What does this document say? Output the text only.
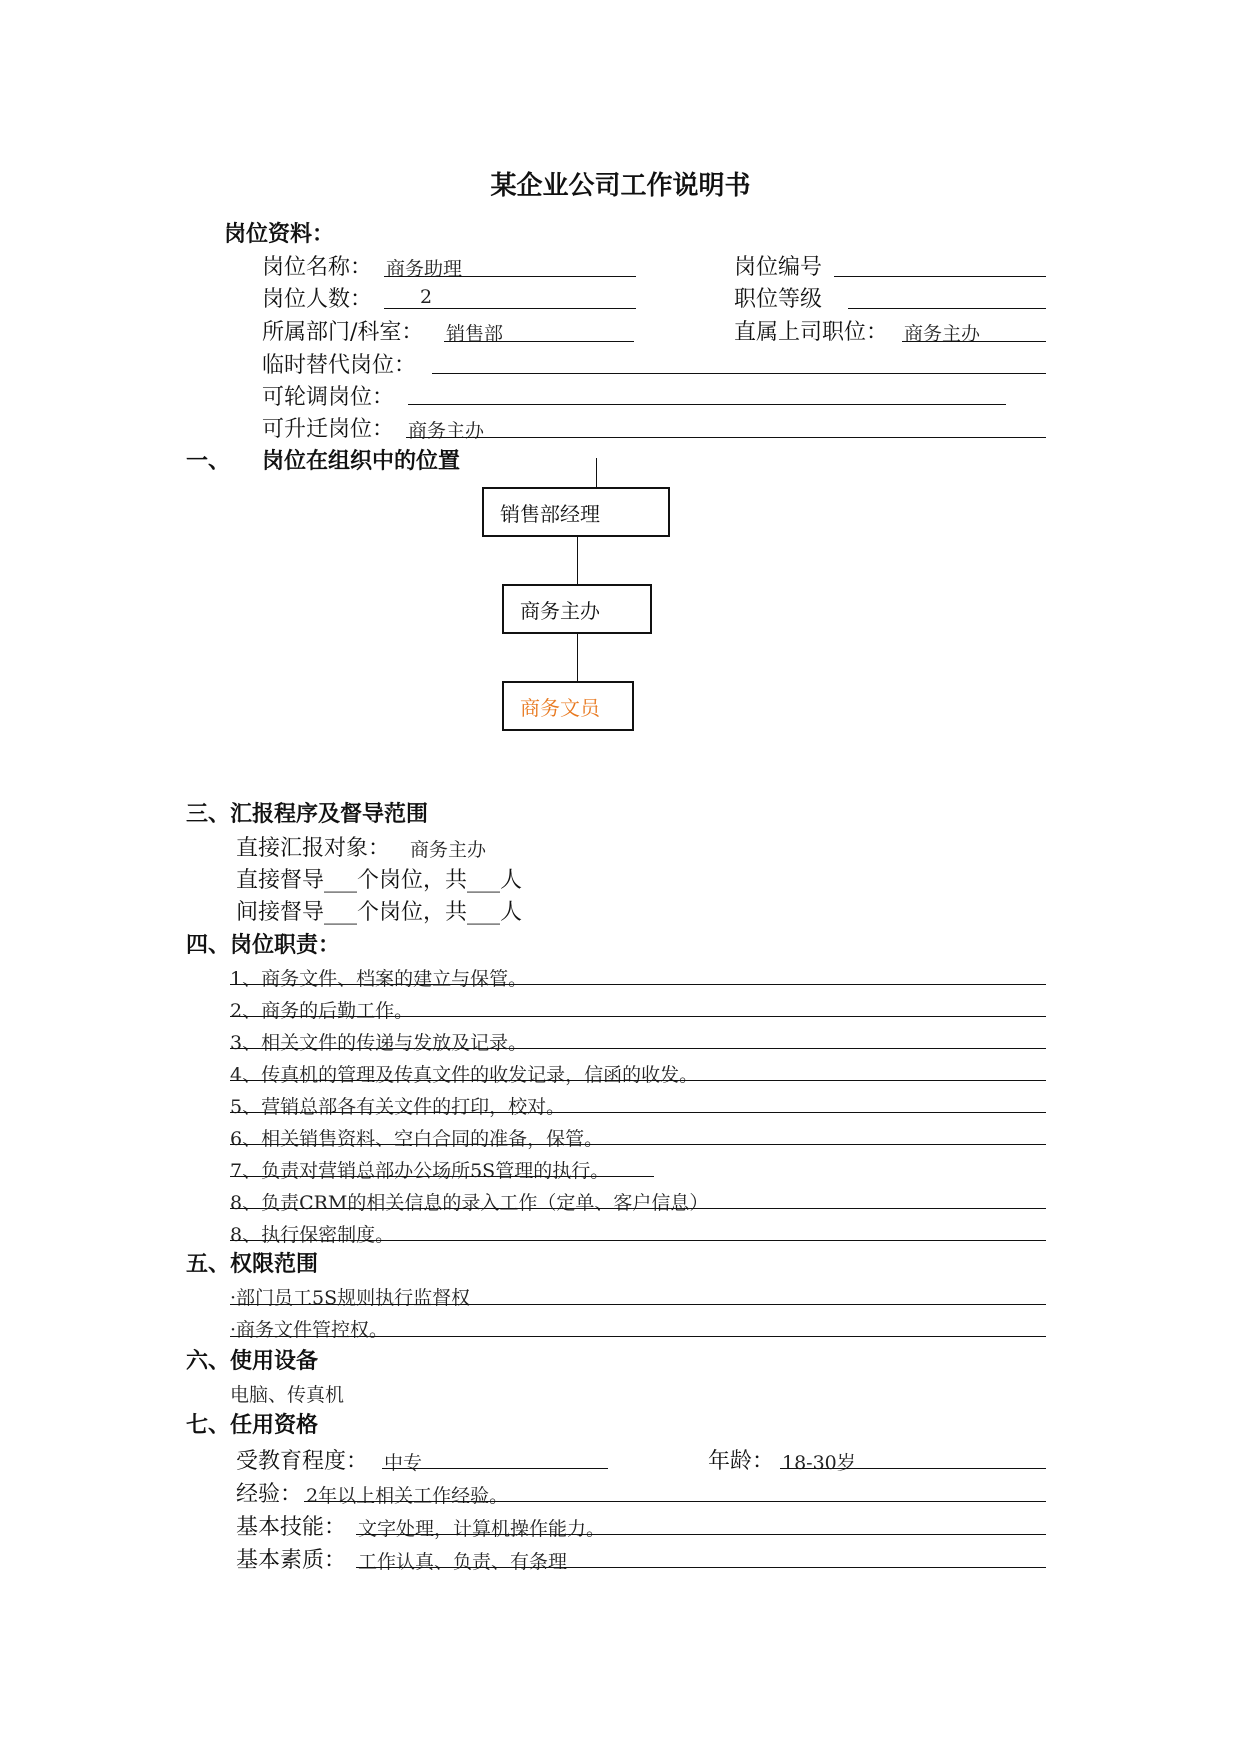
某企业公司工作说明书
岗位资料：
岗位名称： 商务助理	岗位编号
岗位人数：	2	职位等级
所属部门/科室： 销售部	直属上司职位： 商务主办
临时替代岗位：
可轮调岗位：
可升迁岗位： 商务主办
一、 岗位在组织中的位置
销售部经理
商务主办
商务文员
三、汇报程序及督导范围
直接汇报对象： 商务主办
直接督导___个岗位，共___人
间接督导___个岗位，共___人
四、岗位职责：
1、商务文件、档案的建立与保管。
2、商务的后勤工作。
3、相关文件的传递与发放及记录。
4、传真机的管理及传真文件的收发记录，信函的收发。
5、营销总部各有关文件的打印，校对。
6、相关销售资料、空白合同的准备，保管。
7、负责对营销总部办公场所5S管理的执行。
8、负责CRM的相关信息的录入工作（定单、客户信息）
8、执行保密制度。
五、权限范围
·部门员工5S规则执行监督权
·商务文件管控权。
六、使用设备
电脑、传真机
七、任用资格
受教育程度： 中专	年龄： 18-30岁
经验： 2年以上相关工作经验。
基本技能： 文字处理，计算机操作能力。
基本素质： 工作认真、负责、有条理
